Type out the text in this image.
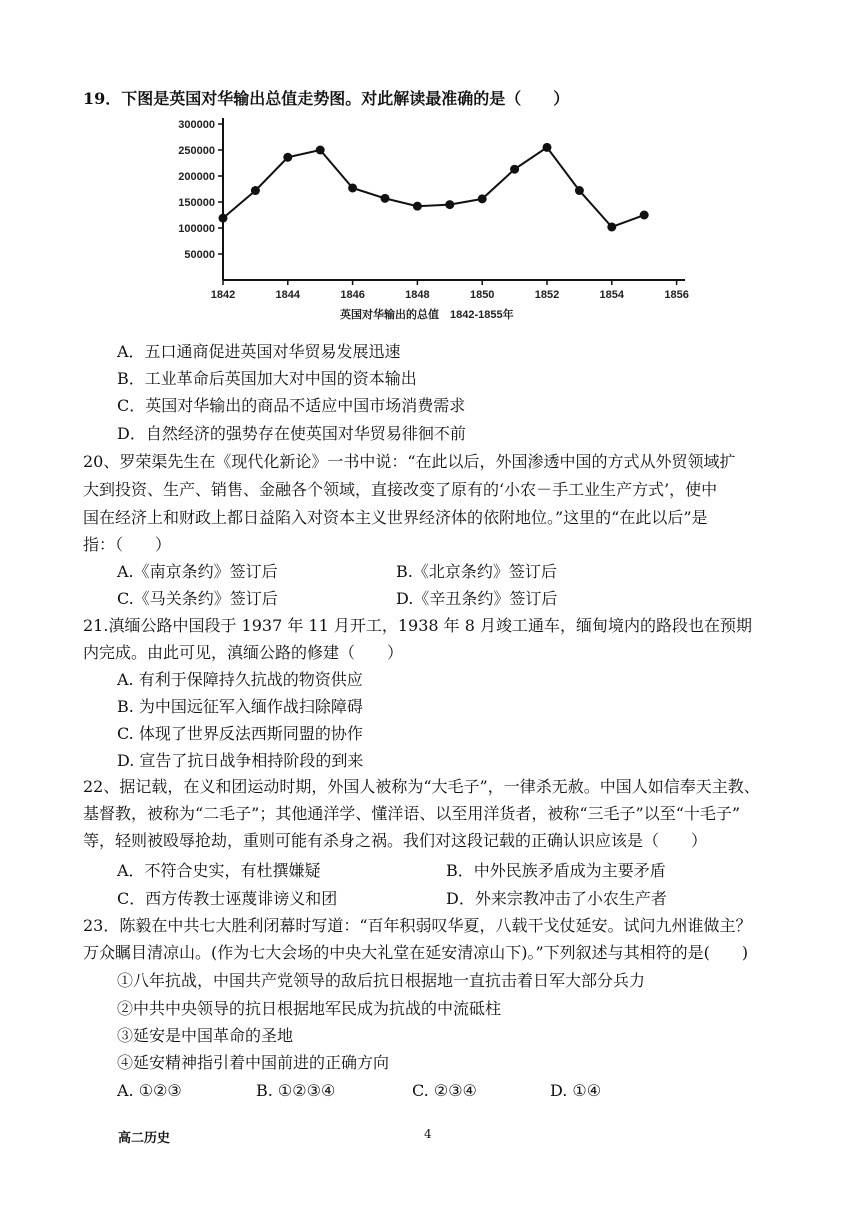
19．下图是英国对华输出总值走势图。对此解读最准确的是（　　）
300000
250000
200000
150000
100000
50000
1842	1844	1846	1848	1850	1852	1854	1856
英国对华输出的总值　1842-1855年
A．五口通商促进英国对华贸易发展迅速
B．工业革命后英国加大对中国的资本输出
C．英国对华输出的商品不适应中国市场消费需求
D．自然经济的强势存在使英国对华贸易徘徊不前
20、罗荣渠先生在《现代化新论》一书中说：“在此以后，外国渗透中国的方式从外贸领域扩
大到投资、生产、销售、金融各个领域，直接改变了原有的‘小农－手工业生产方式’，使中
国在经济上和财政上都日益陷入对资本主义世界经济体的依附地位。”这里的“在此以后”是
指：（　　）
A.《南京条约》签订后	B.《北京条约》签订后
C.《马关条约》签订后	D.《辛丑条约》签订后
21.滇缅公路中国段于 1937 年 11 月开工，1938 年 8 月竣工通车，缅甸境内的路段也在预期
内完成。由此可见，滇缅公路的修建（　　）
A. 有利于保障持久抗战的物资供应
B. 为中国远征军入缅作战扫除障碍
C. 体现了世界反法西斯同盟的协作
D. 宣告了抗日战争相持阶段的到来
22、据记载，在义和团运动时期，外国人被称为“大毛子”，一律杀无赦。中国人如信奉天主教、
基督教，被称为“二毛子”；其他通洋学、懂洋语、以至用洋货者，被称“三毛子”以至“十毛子”
等，轻则被殴辱抢劫，重则可能有杀身之祸。我们对这段记载的正确认识应该是（　　）
A．不符合史实，有杜撰嫌疑	B．中外民族矛盾成为主要矛盾
C．西方传教士诬蔑诽谤义和团	D．外来宗教冲击了小农生产者
23．陈毅在中共七大胜利闭幕时写道：“百年积弱叹华夏，八载干戈仗延安。试问九州谁做主？
万众瞩目清凉山。(作为七大会场的中央大礼堂在延安清凉山下)。”下列叙述与其相符的是(　　)
①八年抗战，中国共产党领导的敌后抗日根据地一直抗击着日军大部分兵力
②中共中央领导的抗日根据地军民成为抗战的中流砥柱
③延安是中国革命的圣地
④延安精神指引着中国前进的正确方向
A. ①②③	B. ①②③④	C. ②③④	D. ①④
高二历史	4
